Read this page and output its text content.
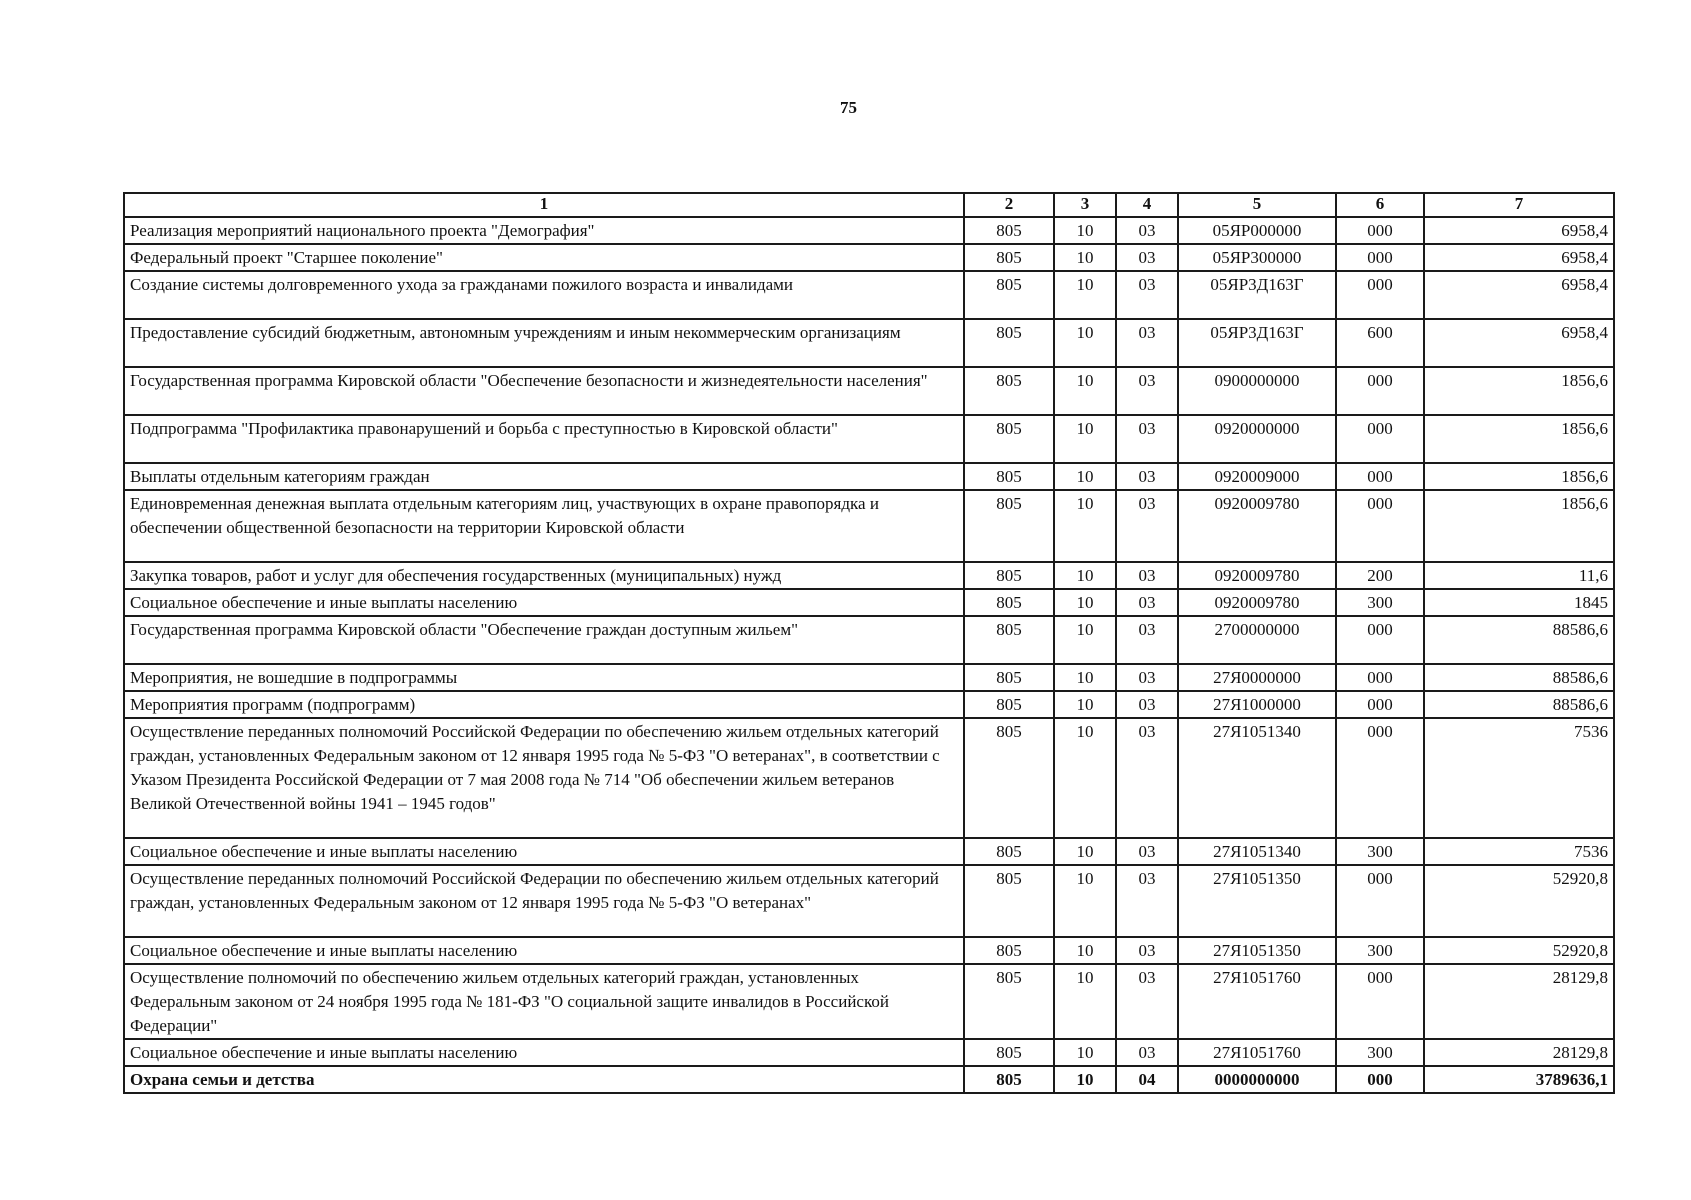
75
1	2	3	4	5	6	7
Реализация мероприятий национального проекта "Демография"	805	10	03	05ЯР000000	000	6958,4
Федеральный проект "Старшее поколение"	805	10	03	05ЯР300000	000	6958,4
Создание системы долговременного ухода за гражданами пожилого возраста и инвалидами	805	10	03	05ЯР3Д163Г	000	6958,4
Предоставление субсидий бюджетным, автономным учреждениям и иным некоммерческим организациям	805	10	03	05ЯР3Д163Г	600	6958,4
Государственная программа Кировской области "Обеспечение безопасности и жизнедеятельности населения"	805	10	03	0900000000	000	1856,6
Подпрограмма "Профилактика правонарушений и борьба с преступностью в Кировской области"	805	10	03	0920000000	000	1856,6
Выплаты отдельным категориям граждан	805	10	03	0920009000	000	1856,6
Единовременная денежная выплата отдельным категориям лиц, участвующих в охране правопорядка и обеспечении общественной безопасности на территории Кировской области	805	10	03	0920009780	000	1856,6
Закупка товаров, работ и услуг для обеспечения государственных (муниципальных) нужд	805	10	03	0920009780	200	11,6
Социальное обеспечение и иные выплаты населению	805	10	03	0920009780	300	1845
Государственная программа Кировской области "Обеспечение граждан доступным жильем"	805	10	03	2700000000	000	88586,6
Мероприятия, не вошедшие в подпрограммы	805	10	03	27Я0000000	000	88586,6
Мероприятия программ (подпрограмм)	805	10	03	27Я1000000	000	88586,6
Осуществление переданных полномочий Российской Федерации по обеспечению жильем отдельных категорий граждан, установленных Федеральным законом от 12 января 1995 года № 5-ФЗ "О ветеранах", в соответствии с Указом Президента Российской Федерации от 7 мая 2008 года № 714 "Об обеспечении жильем ветеранов Великой Отечественной войны 1941 – 1945 годов"	805	10	03	27Я1051340	000	7536
Социальное обеспечение и иные выплаты населению	805	10	03	27Я1051340	300	7536
Осуществление переданных полномочий Российской Федерации по обеспечению жильем отдельных категорий граждан, установленных Федеральным законом от 12 января 1995 года № 5-ФЗ "О ветеранах"	805	10	03	27Я1051350	000	52920,8
Социальное обеспечение и иные выплаты населению	805	10	03	27Я1051350	300	52920,8
Осуществление полномочий по обеспечению жильем отдельных категорий граждан, установленных Федеральным законом от 24 ноября 1995 года № 181-ФЗ "О социальной защите инвалидов в Российской Федерации"	805	10	03	27Я1051760	000	28129,8
Социальное обеспечение и иные выплаты населению	805	10	03	27Я1051760	300	28129,8
Охрана семьи и детства	805	10	04	0000000000	000	3789636,1
